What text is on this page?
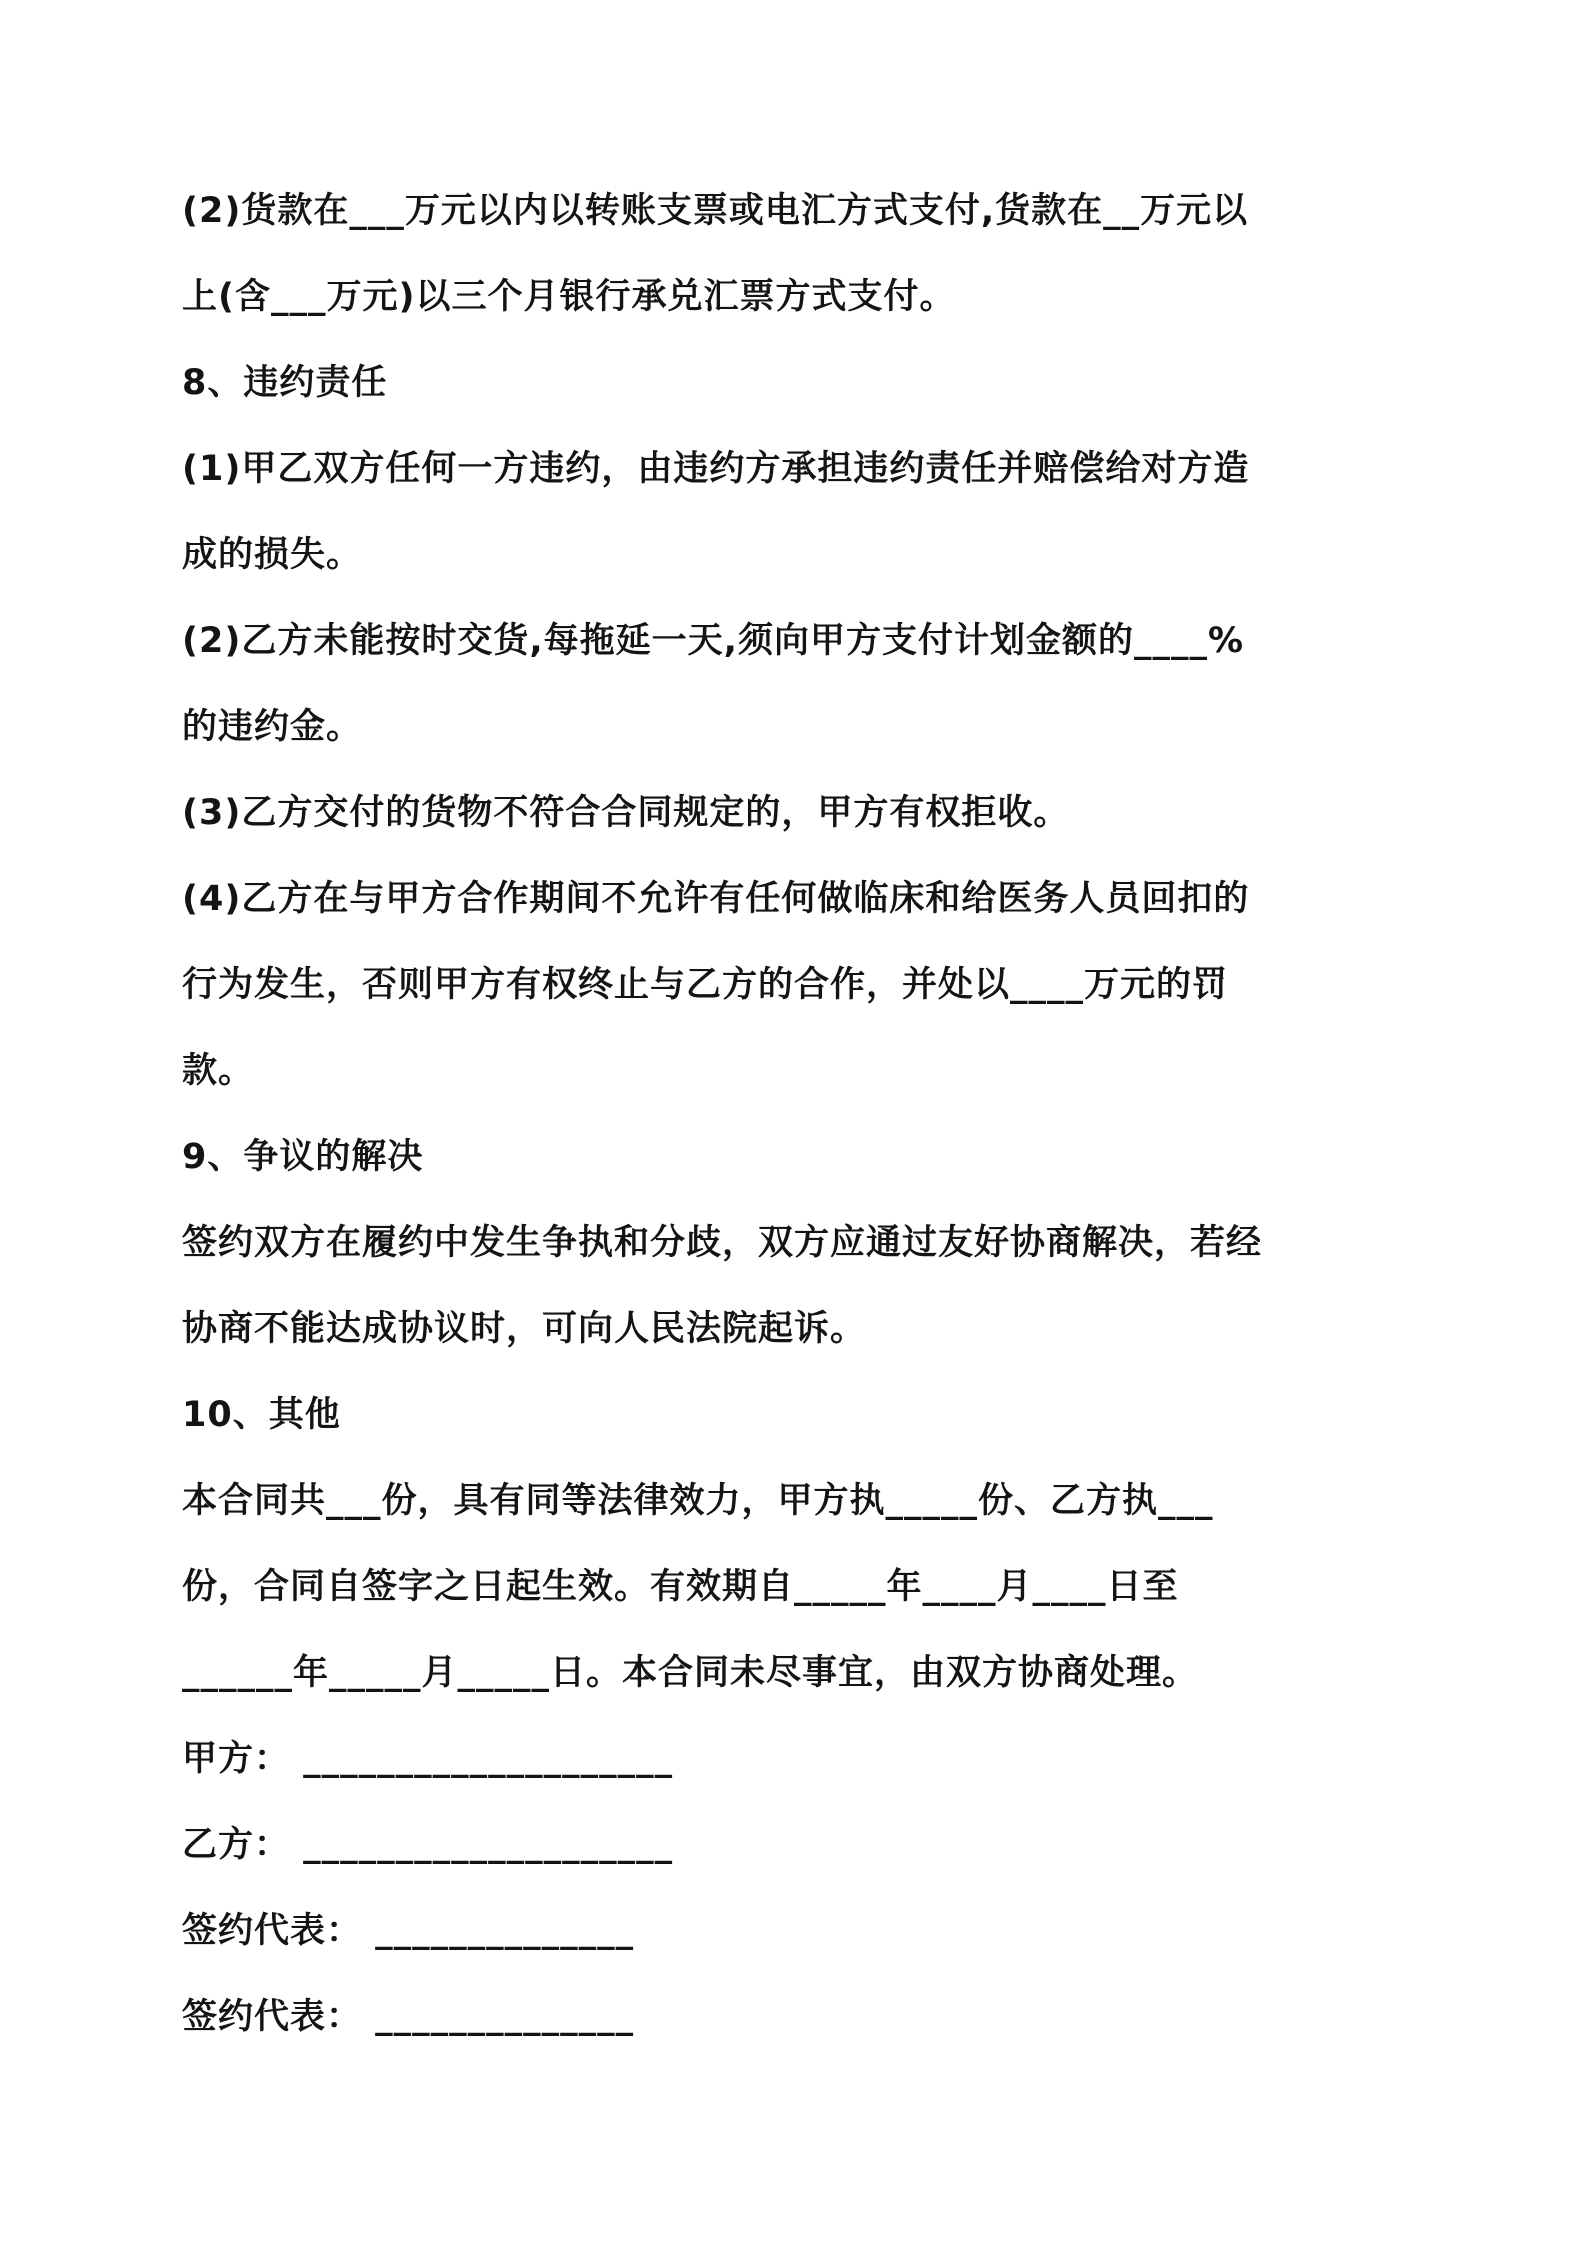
(2)货款在___万元以内以转账支票或电汇方式支付,货款在__万元以

上(含___万元)以三个月银行承兑汇票方式支付。

8、违约责任

(1)甲乙双方任何一方违约，由违约方承担违约责任并赔偿给对方造

成的损失。

(2)乙方未能按时交货,每拖延一天,须向甲方支付计划金额的____%

的违约金。

(3)乙方交付的货物不符合合同规定的，甲方有权拒收。

(4)乙方在与甲方合作期间不允许有任何做临床和给医务人员回扣的

行为发生，否则甲方有权终止与乙方的合作，并处以____万元的罚

款。

9、争议的解决

签约双方在履约中发生争执和分歧，双方应通过友好协商解决，若经

协商不能达成协议时，可向人民法院起诉。

10、其他

本合同共___份，具有同等法律效力，甲方执_____份、乙方执___

份，合同自签字之日起生效。有效期自_____年____月____日至

______年_____月_____日。本合同未尽事宜，由双方协商处理。

甲方： ____________________

乙方： ____________________

签约代表： ______________

签约代表： ______________
